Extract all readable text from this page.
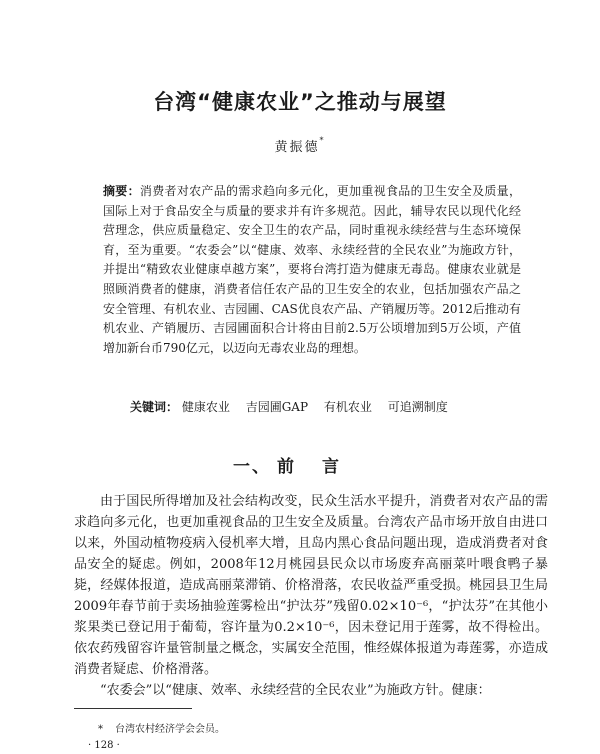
台湾“健康农业”之推动与展望
黄振德*
摘要：消费者对农产品的需求趋向多元化，更加重视食品的卫生安全及质量，国际上对于食品安全与质量的要求并有许多规范。因此，辅导农民以现代化经营理念，供应质量稳定、安全卫生的农产品，同时重视永续经营与生态环境保育，至为重要。“农委会”以“健康、效率、永续经营的全民农业”为施政方针，并提出“精致农业健康卓越方案”，要将台湾打造为健康无毒岛。健康农业就是照顾消费者的健康，消费者信任农产品的卫生安全的农业，包括加强农产品之安全管理、有机农业、吉园圃、CAS优良农产品、产销履历等。2012后推动有机农业、产销履历、吉园圃面积合计将由目前2.5万公顷增加到5万公顷，产值增加新台币790亿元，以迈向无毒农业岛的理想。
关键词： 健康农业 吉园圃GAP 有机农业 可追溯制度
一、 前言

由于国民所得增加及社会结构改变，民众生活水平提升，消费者对农产品的需求趋向多元化，也更加重视食品的卫生安全及质量。台湾农产品市场开放自由进口以来，外国动植物疫病入侵机率大增，且岛内黑心食品问题出现，造成消费者对食品安全的疑虑。例如，2008年12月桃园县民众以市场废弃高丽菜叶喂食鸭子暴毙，经媒体报道，造成高丽菜滞销、价格滑落，农民收益严重受损。桃园县卫生局2009年春节前于卖场抽验莲雾检出“护汰芬”残留0.02×10⁻⁶，“护汰芬”在其他小浆果类已登记用于葡萄，容许量为0.2×10⁻⁶，因未登记用于莲雾，故不得检出。依农药残留容许量管制量之概念，实属安全范围，惟经媒体报道为毒莲雾，亦造成消费者疑虑、价格滑落。

“农委会”以“健康、效率、永续经营的全民农业”为施政方针。健康：

* 台湾农村经济学会会员。
· 128 ·
